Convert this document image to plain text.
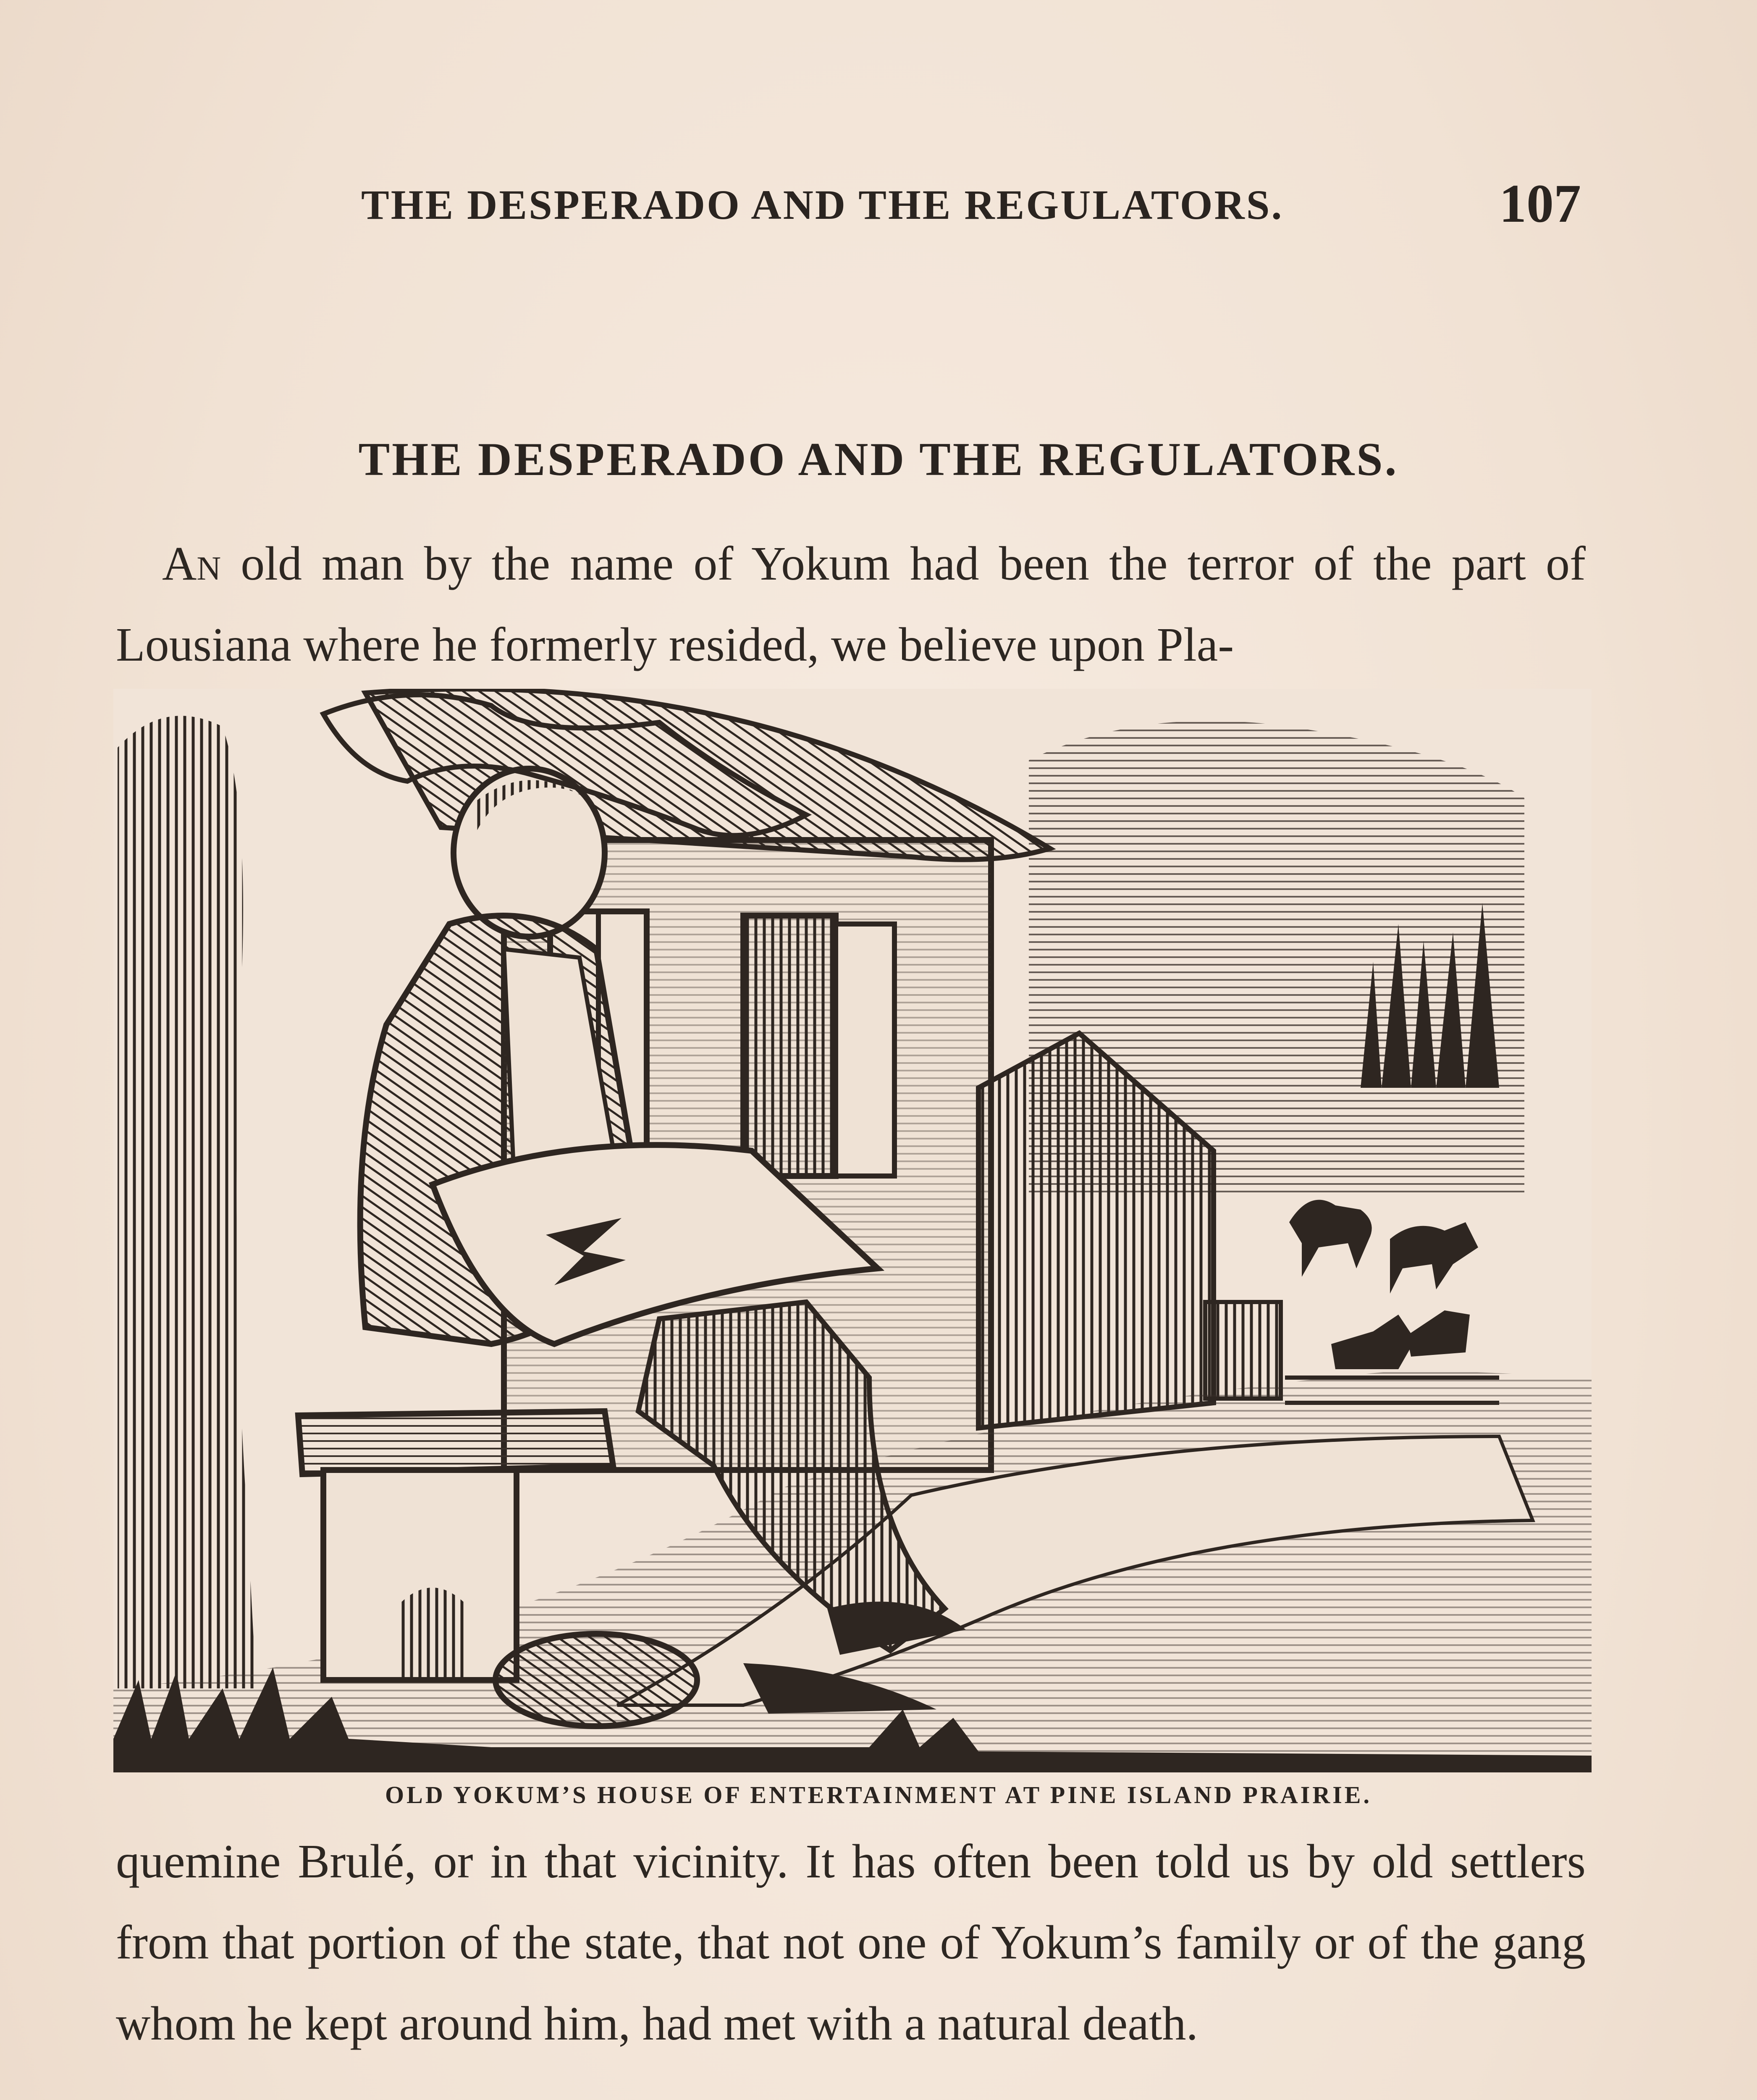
THE DESPERADO AND THE REGULATORS.	107
THE DESPERADO AND THE REGULATORS.
An old man by the name of Yokum had been the terror of the part of Lousiana where he formerly resided, we believe upon Pla-
OLD YOKUM’S HOUSE OF ENTERTAINMENT AT PINE ISLAND PRAIRIE.
quemine Brulé, or in that vicinity. It has often been told us by old settlers from that portion of the state, that not one of Yokum’s family or of the gang whom he kept around him, had met with a natural death.
